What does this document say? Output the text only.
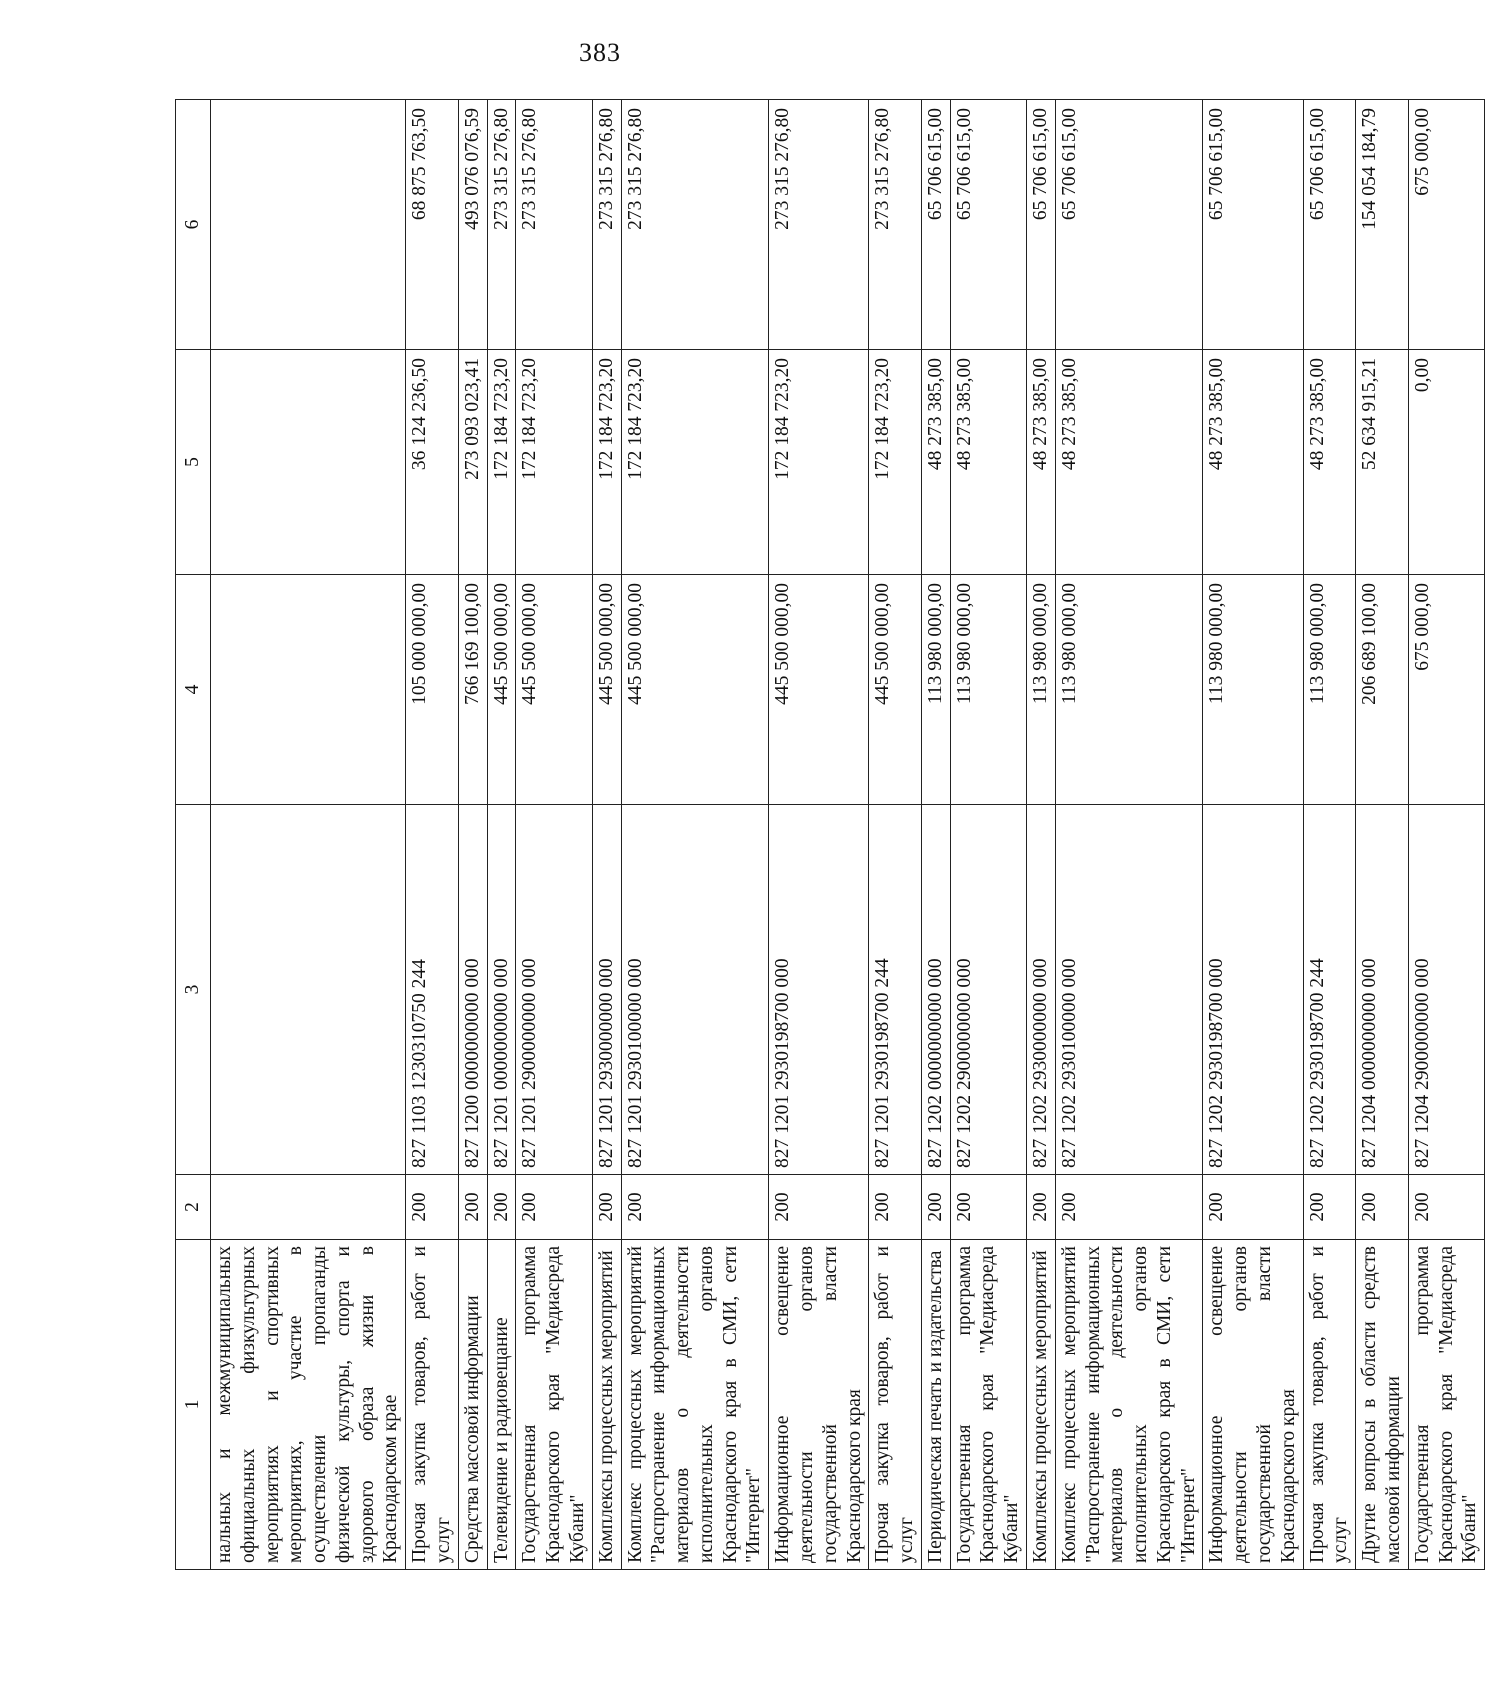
383
1	2	3	4	5	6
нальных и межмуниципальных официальных физкультурных мероприятиях и спортивных мероприятиях, участие в осуществлении пропаганды физической культуры, спорта и здорового образа жизни в Краснодарском крае					
Прочая закупка товаров, работ и услуг	200	827 1103 1230310750 244	105 000 000,00	36 124 236,50	68 875 763,50
Средства массовой информации	200	827 1200 0000000000 000	766 169 100,00	273 093 023,41	493 076 076,59
Телевидение и радиовещание	200	827 1201 0000000000 000	445 500 000,00	172 184 723,20	273 315 276,80
Государственная программа Краснодарского края "Медиасреда Кубани"	200	827 1201 2900000000 000	445 500 000,00	172 184 723,20	273 315 276,80
Комплексы процессных мероприятий	200	827 1201 2930000000 000	445 500 000,00	172 184 723,20	273 315 276,80
Комплекс процессных мероприятий "Распространение информационных материалов о деятельности исполнительных органов Краснодарского края в СМИ, сети "Интернет"	200	827 1201 2930100000 000	445 500 000,00	172 184 723,20	273 315 276,80
Информационное освещение деятельности органов государственной власти Краснодарского края	200	827 1201 2930198700 000	445 500 000,00	172 184 723,20	273 315 276,80
Прочая закупка товаров, работ и услуг	200	827 1201 2930198700 244	445 500 000,00	172 184 723,20	273 315 276,80
Периодическая печать и издательства	200	827 1202 0000000000 000	113 980 000,00	48 273 385,00	65 706 615,00
Государственная программа Краснодарского края "Медиасреда Кубани"	200	827 1202 2900000000 000	113 980 000,00	48 273 385,00	65 706 615,00
Комплексы процессных мероприятий	200	827 1202 2930000000 000	113 980 000,00	48 273 385,00	65 706 615,00
Комплекс процессных мероприятий "Распространение информационных материалов о деятельности исполнительных органов Краснодарского края в СМИ, сети "Интернет"	200	827 1202 2930100000 000	113 980 000,00	48 273 385,00	65 706 615,00
Информационное освещение деятельности органов государственной власти Краснодарского края	200	827 1202 2930198700 000	113 980 000,00	48 273 385,00	65 706 615,00
Прочая закупка товаров, работ и услуг	200	827 1202 2930198700 244	113 980 000,00	48 273 385,00	65 706 615,00
Другие вопросы в области средств массовой информации	200	827 1204 0000000000 000	206 689 100,00	52 634 915,21	154 054 184,79
Государственная программа Краснодарского края "Медиасреда Кубани"	200	827 1204 2900000000 000	675 000,00	0,00	675 000,00
